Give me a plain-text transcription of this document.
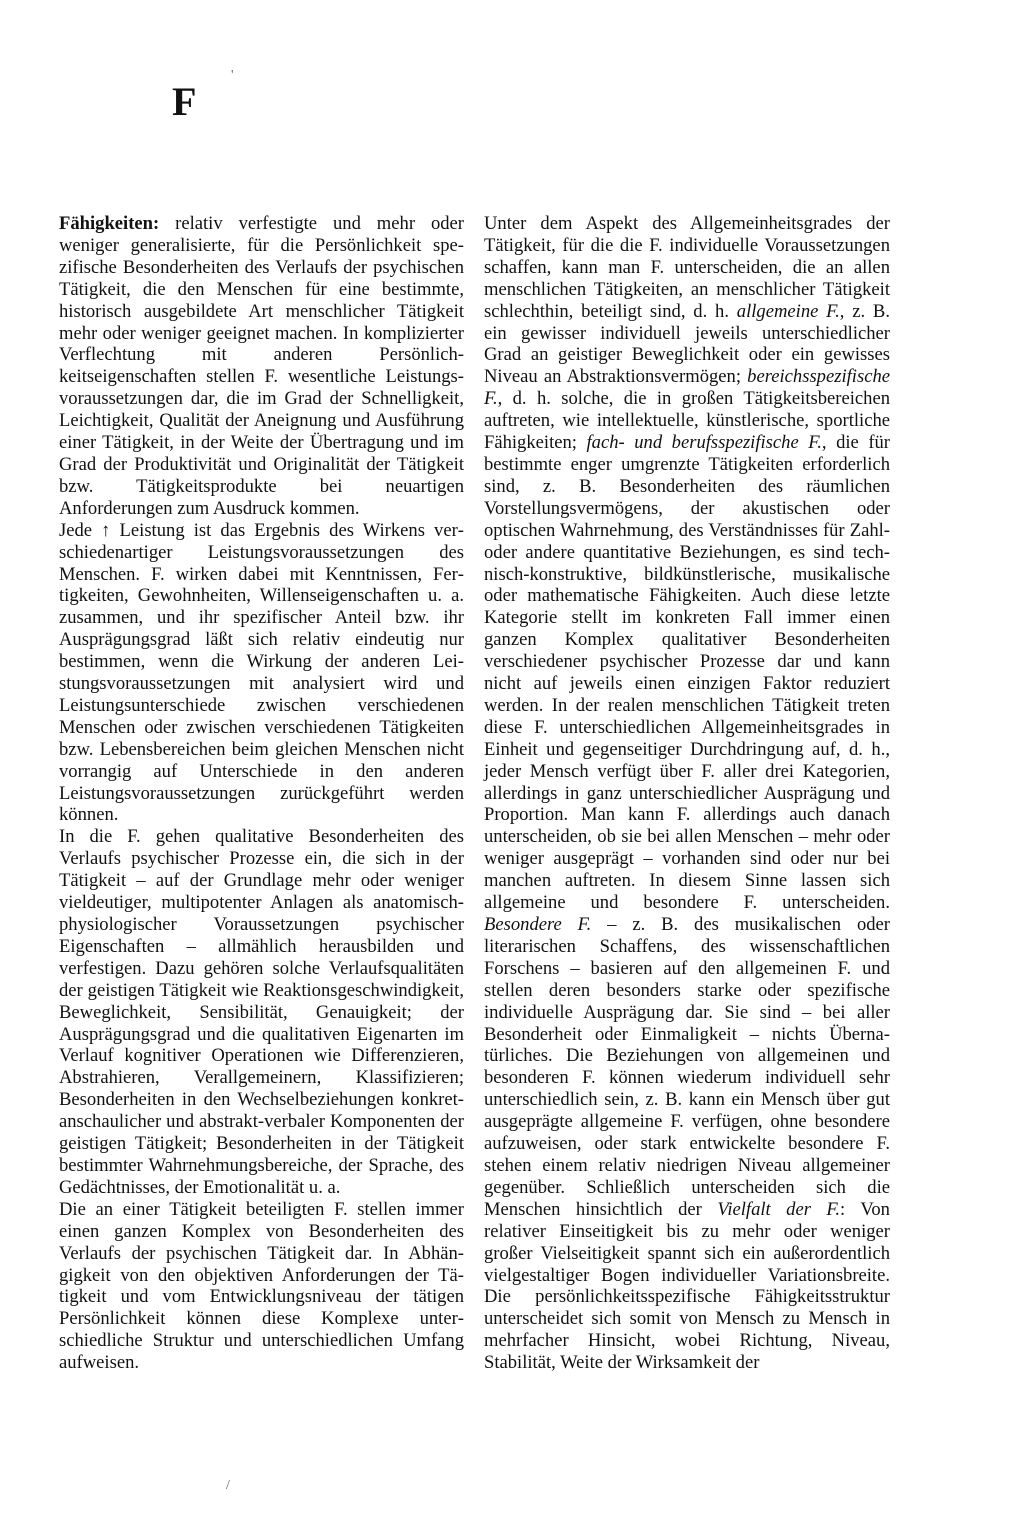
'
F

Fähigkeiten: relativ verfestigte und mehr oder weniger generalisierte, für die Persönlichkeit spezifische Besonderheiten des Verlaufs der psychischen Tätigkeit, die den Menschen für eine bestimmte, historisch ausgebildete Art menschlicher Tätigkeit mehr oder weniger geeignet machen. In komplizierter Verflechtung mit anderen Persönlichkeitseigenschaften stellen F. wesentliche Leistungsvoraussetzungen dar, die im Grad der Schnelligkeit, Leichtigkeit, Qualität der Aneignung und Ausführung einer Tätigkeit, in der Weite der Übertragung und im Grad der Produktivität und Originalität der Tätigkeit bzw. Tätigkeitsprodukte bei neuartigen Anforderungen zum Ausdruck kommen.

Jede ↑ Leistung ist das Ergebnis des Wirkens verschiedenartiger Leistungsvoraussetzungen des Menschen. F. wirken dabei mit Kenntnissen, Fertigkeiten, Gewohnheiten, Willenseigenschaften u. a. zusammen, und ihr spezifischer Anteil bzw. ihr Ausprägungsgrad läßt sich relativ eindeutig nur bestimmen, wenn die Wirkung der anderen Leistungsvoraussetzungen mit analysiert wird und Leistungsunterschiede zwischen verschiedenen Menschen oder zwischen verschiedenen Tätigkeiten bzw. Lebensbereichen beim gleichen Menschen nicht vorrangig auf Unterschiede in den anderen Leistungsvoraussetzungen zurückgeführt werden können.

In die F. gehen qualitative Besonderheiten des Verlaufs psychischer Prozesse ein, die sich in der Tätigkeit – auf der Grundlage mehr oder weniger vieldeutiger, multipotenter Anlagen als anatomisch-physiologischer Voraussetzungen psychischer Eigenschaften – allmählich herausbilden und verfestigen. Dazu gehören solche Verlaufsqualitäten der geistigen Tätigkeit wie Reaktionsgeschwindigkeit, Beweglichkeit, Sensibilität, Genauigkeit; der Ausprägungsgrad und die qualitativen Eigenarten im Verlauf kognitiver Operationen wie Differenzieren, Abstrahieren, Verallgemeinern, Klassifizieren; Besonderheiten in den Wechselbeziehungen konkret-anschaulicher und abstrakt-verbaler Komponenten der geistigen Tätigkeit; Besonderheiten in der Tätigkeit bestimmter Wahrnehmungsbereiche, der Sprache, des Gedächtnisses, der Emotionalität u. a.

Die an einer Tätigkeit beteiligten F. stellen immer einen ganzen Komplex von Besonderheiten des Verlaufs der psychischen Tätigkeit dar. In Abhängigkeit von den objektiven Anforderungen der Tätigkeit und vom Entwicklungsniveau der tätigen Persönlichkeit können diese Komplexe unterschiedliche Struktur und unterschiedlichen Umfang aufweisen.

Unter dem Aspekt des Allgemeinheitsgrades der Tätigkeit, für die die F. individuelle Voraussetzungen schaffen, kann man F. unterscheiden, die an allen menschlichen Tätigkeiten, an menschlicher Tätigkeit schlechthin, beteiligt sind, d. h. allgemeine F., z. B. ein gewisser individuell jeweils unterschiedlicher Grad an geistiger Beweglichkeit oder ein gewisses Niveau an Abstraktionsvermögen; bereichsspezifische F., d. h. solche, die in großen Tätigkeitsbereichen auftreten, wie intellektuelle, künstlerische, sportliche Fähigkeiten; fach- und berufsspezifische F., die für bestimmte enger umgrenzte Tätigkeiten erforderlich sind, z. B. Besonderheiten des räumlichen Vorstellungsvermögens, der akustischen oder optischen Wahrnehmung, des Verständnisses für Zahl- oder andere quantitative Beziehungen, es sind technisch-konstruktive, bildkünstlerische, musikalische oder mathematische Fähigkeiten. Auch diese letzte Kategorie stellt im konkreten Fall immer einen ganzen Komplex qualitativer Besonderheiten verschiedener psychischer Prozesse dar und kann nicht auf jeweils einen einzigen Faktor reduziert werden. In der realen menschlichen Tätigkeit treten diese F. unterschiedlichen Allgemeinheitsgrades in Einheit und gegenseitiger Durchdringung auf, d. h., jeder Mensch verfügt über F. aller drei Kategorien, allerdings in ganz unterschiedlicher Ausprägung und Proportion. Man kann F. allerdings auch danach unterscheiden, ob sie bei allen Menschen – mehr oder weniger ausgeprägt – vorhanden sind oder nur bei manchen auftreten. In diesem Sinne lassen sich allgemeine und besondere F. unterscheiden. Besondere F. – z. B. des musikalischen oder literarischen Schaffens, des wissenschaftlichen Forschens – basieren auf den allgemeinen F. und stellen deren besonders starke oder spezifische individuelle Ausprägung dar. Sie sind – bei aller Besonderheit oder Einmaligkeit – nichts Übernatürliches. Die Beziehungen von allgemeinen und besonderen F. können wiederum individuell sehr unterschiedlich sein, z. B. kann ein Mensch über gut ausgeprägte allgemeine F. verfügen, ohne besondere aufzuweisen, oder stark entwickelte besondere F. stehen einem relativ niedrigen Niveau allgemeiner gegenüber. Schließlich unterscheiden sich die Menschen hinsichtlich der Vielfalt der F.: Von relativer Einseitigkeit bis zu mehr oder weniger großer Vielseitigkeit spannt sich ein außerordentlich vielgestaltiger Bogen individueller Variationsbreite. Die persönlichkeitsspezifische Fähigkeitsstruktur unterscheidet sich somit von Mensch zu Mensch in mehrfacher Hinsicht, wobei Richtung, Niveau, Stabilität, Weite der Wirksamkeit der

/
